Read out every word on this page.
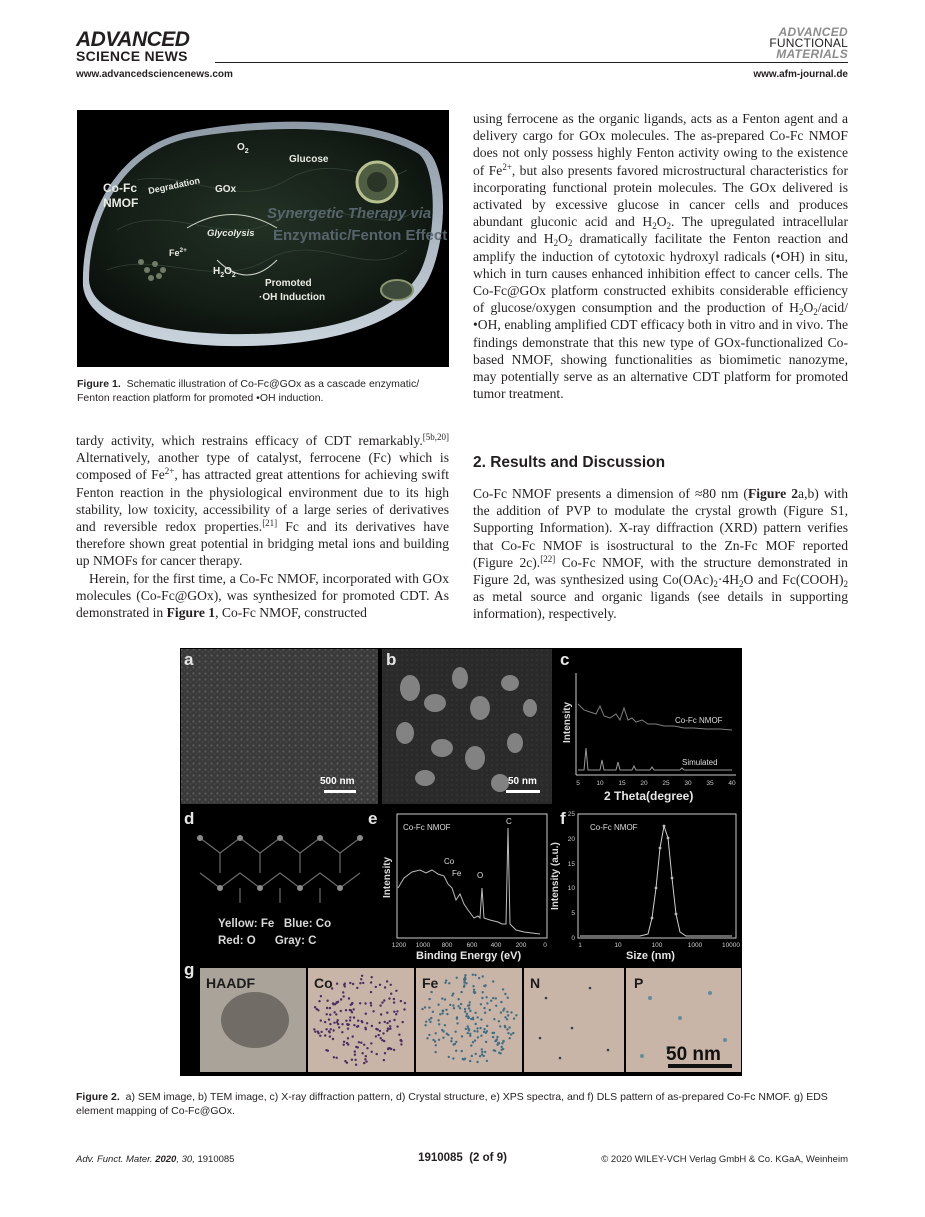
ADVANCED
SCIENCE NEWS
www.advancedsciencenews.com
ADVANCED
FUNCTIONAL
MATERIALS
www.afm-journal.de
Co-Fc
NMOF
Degradation
$O_2$
Glucose
GOx
Glycolysis
$Fe^{2+}$
$H_2O_2$
Promoted
·OH Induction
Synergetic Therapy via
Enzymatic/Fenton Effect
Figure 1. Schematic illustration of Co-Fc@GOx as a cascade enzymatic/ Fenton reaction platform for promoted •OH induction.

tardy activity, which restrains efficacy of CDT remarkably.[5b,20] Alternatively, another type of catalyst, ferrocene (Fc) which is composed of $Fe^{2+}$, has attracted great attentions for achieving swift Fenton reaction in the physiological environment due to its high stability, low toxicity, accessibility of a large series of derivatives and reversible redox properties.[21] Fc and its derivatives have therefore shown great potential in bridging metal ions and building up NMOFs for cancer therapy.

Herein, for the first time, a Co-Fc NMOF, incorporated with GOx molecules (Co-Fc@GOx), was synthesized for promoted CDT. As demonstrated in Figure 1, Co-Fc NMOF, constructed

using ferrocene as the organic ligands, acts as a Fenton agent and a delivery cargo for GOx molecules. The as-prepared Co-Fc NMOF does not only possess highly Fenton activity owing to the existence of $Fe^{2+}$, but also presents favored microstructural characteristics for incorporating functional protein molecules. The GOx delivered is activated by excessive glucose in cancer cells and produces abundant gluconic acid and $H_2O_2$. The upregulated intracellular acidity and $H_2O_2$ dramatically facilitate the Fenton reaction and amplify the induction of cytotoxic hydroxyl radicals (•OH) in situ, which in turn causes enhanced inhibition effect to cancer cells. The Co-Fc@GOx platform constructed exhibits considerable efficiency of glucose/oxygen consumption and the production of $H_2O_2/acid/•OH$, enabling amplified CDT efficacy both in vitro and in vivo. The findings demonstrate that this new type of GOx-functionalized Co-based NMOF, showing functionalities as biomimetic nanozyme, may potentially serve as an alternative CDT platform for promoted tumor treatment.

2. Results and Discussion

Co-Fc NMOF presents a dimension of ≈80 nm (Figure 2a,b) with the addition of PVP to modulate the crystal growth (Figure S1, Supporting Information). X-ray diffraction (XRD) pattern verifies that Co-Fc NMOF is isostructural to the Zn-Fc MOF reported (Figure 2c).[22] Co-Fc NMOF, with the structure demonstrated in Figure 2d, was synthesized using $Co(OAc)_2\cdot 4H_2O$ and $Fc(COOH)_2$ as metal source and organic ligands (see details in supporting information), respectively.

a
500 nm
b
50 nm
c
Intensity	Co-Fc NMOF
Simulated
5	10 15 20 25 30 35 40
2 Theta(degree)
d
Yellow: Fe   Blue: Co
Red: O      Gray: C
e
Intensity
Co-Fc NMOF
Co
Fe O
C
1200 1000 800 600 400 200	0
Binding Energy (eV)
f
Intensity (a.u.)
Co-Fc NMOF
0
5
10
15
20
25
1	10	100	1000	10000
Size (nm)
g
HAADF	Co	Fe	N	P
50 nm
Figure 2. a) SEM image, b) TEM image, c) X-ray diffraction pattern, d) Crystal structure, e) XPS spectra, and f) DLS pattern of as-prepared Co-Fc NMOF. g) EDS element mapping of Co-Fc@GOx.
Adv. Funct. Mater. 2020, 30, 1910085	1910085  (2 of 9)	© 2020 WILEY-VCH Verlag GmbH & Co. KGaA, Weinheim
